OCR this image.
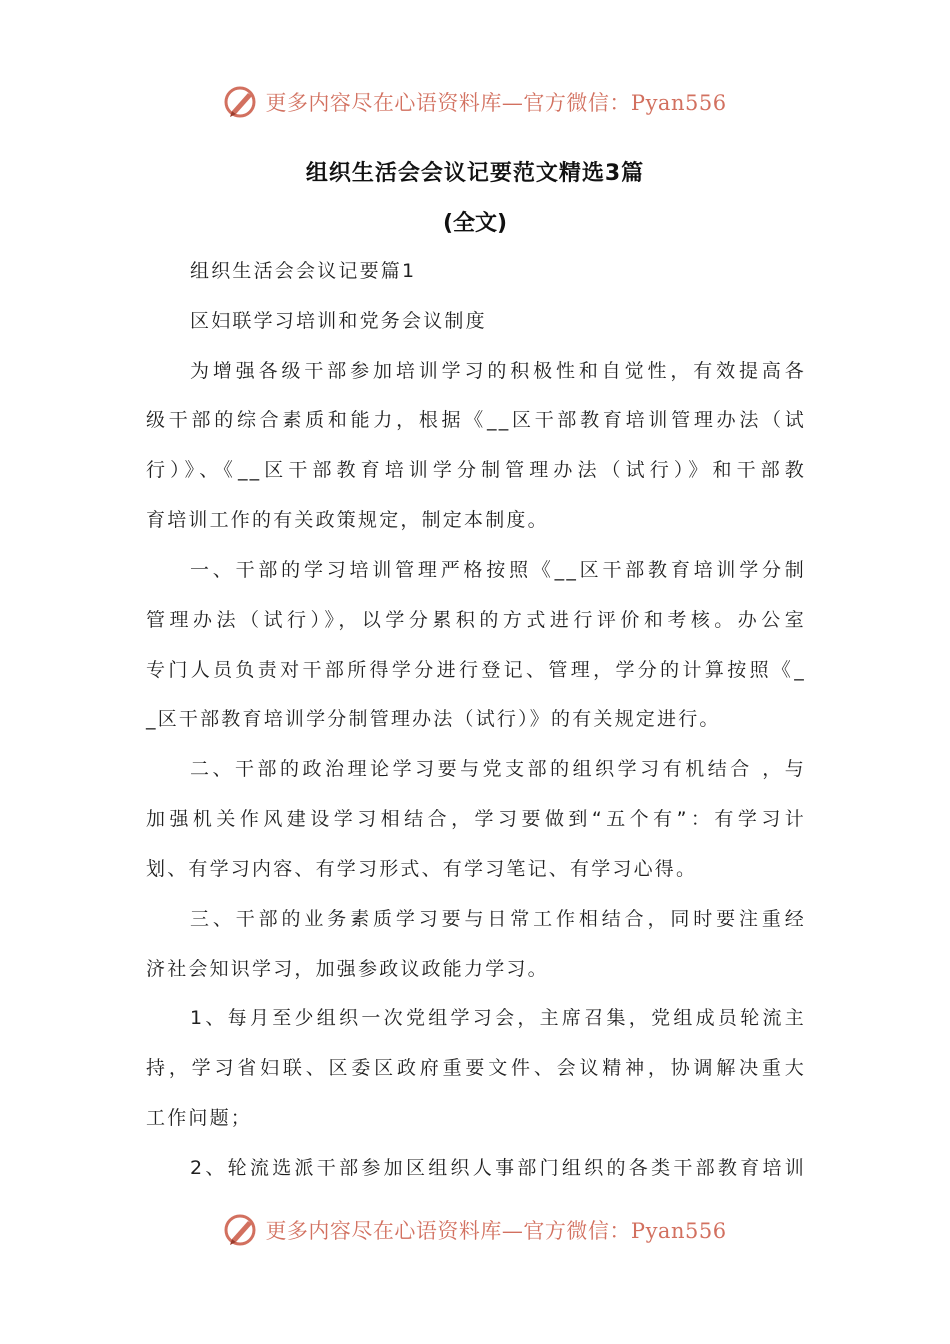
更多内容尽在心语资料库—官方微信：Pyan556
组织生活会会议记要范文精选3篇
(全文)
组织生活会会议记要篇1
区妇联学习培训和党务会议制度
为增强各级干部参加培训学习的积极性和自觉性，有效提高各
级干部的综合素质和能力，根据《__区干部教育培训管理办法（试
行）》、《__区干部教育培训学分制管理办法（试行）》和干部教
育培训工作的有关政策规定，制定本制度。
一、干部的学习培训管理严格按照《__区干部教育培训学分制
管理办法（试行）》，以学分累积的方式进行评价和考核。办公室
专门人员负责对干部所得学分进行登记、管理，学分的计算按照《_
_区干部教育培训学分制管理办法（试行）》的有关规定进行。
二、干部的政治理论学习要与党支部的组织学习有机结合 ，与
加强机关作风建设学习相结合，学习要做到“五个有”：有学习计
划、有学习内容、有学习形式、有学习笔记、有学习心得。
三、干部的业务素质学习要与日常工作相结合，同时要注重经
济社会知识学习，加强参政议政能力学习。
1、每月至少组织一次党组学习会，主席召集，党组成员轮流主
持，学习省妇联、区委区政府重要文件、会议精神，协调解决重大
工作问题；
2、轮流选派干部参加区组织人事部门组织的各类干部教育培训
更多内容尽在心语资料库—官方微信：Pyan556
